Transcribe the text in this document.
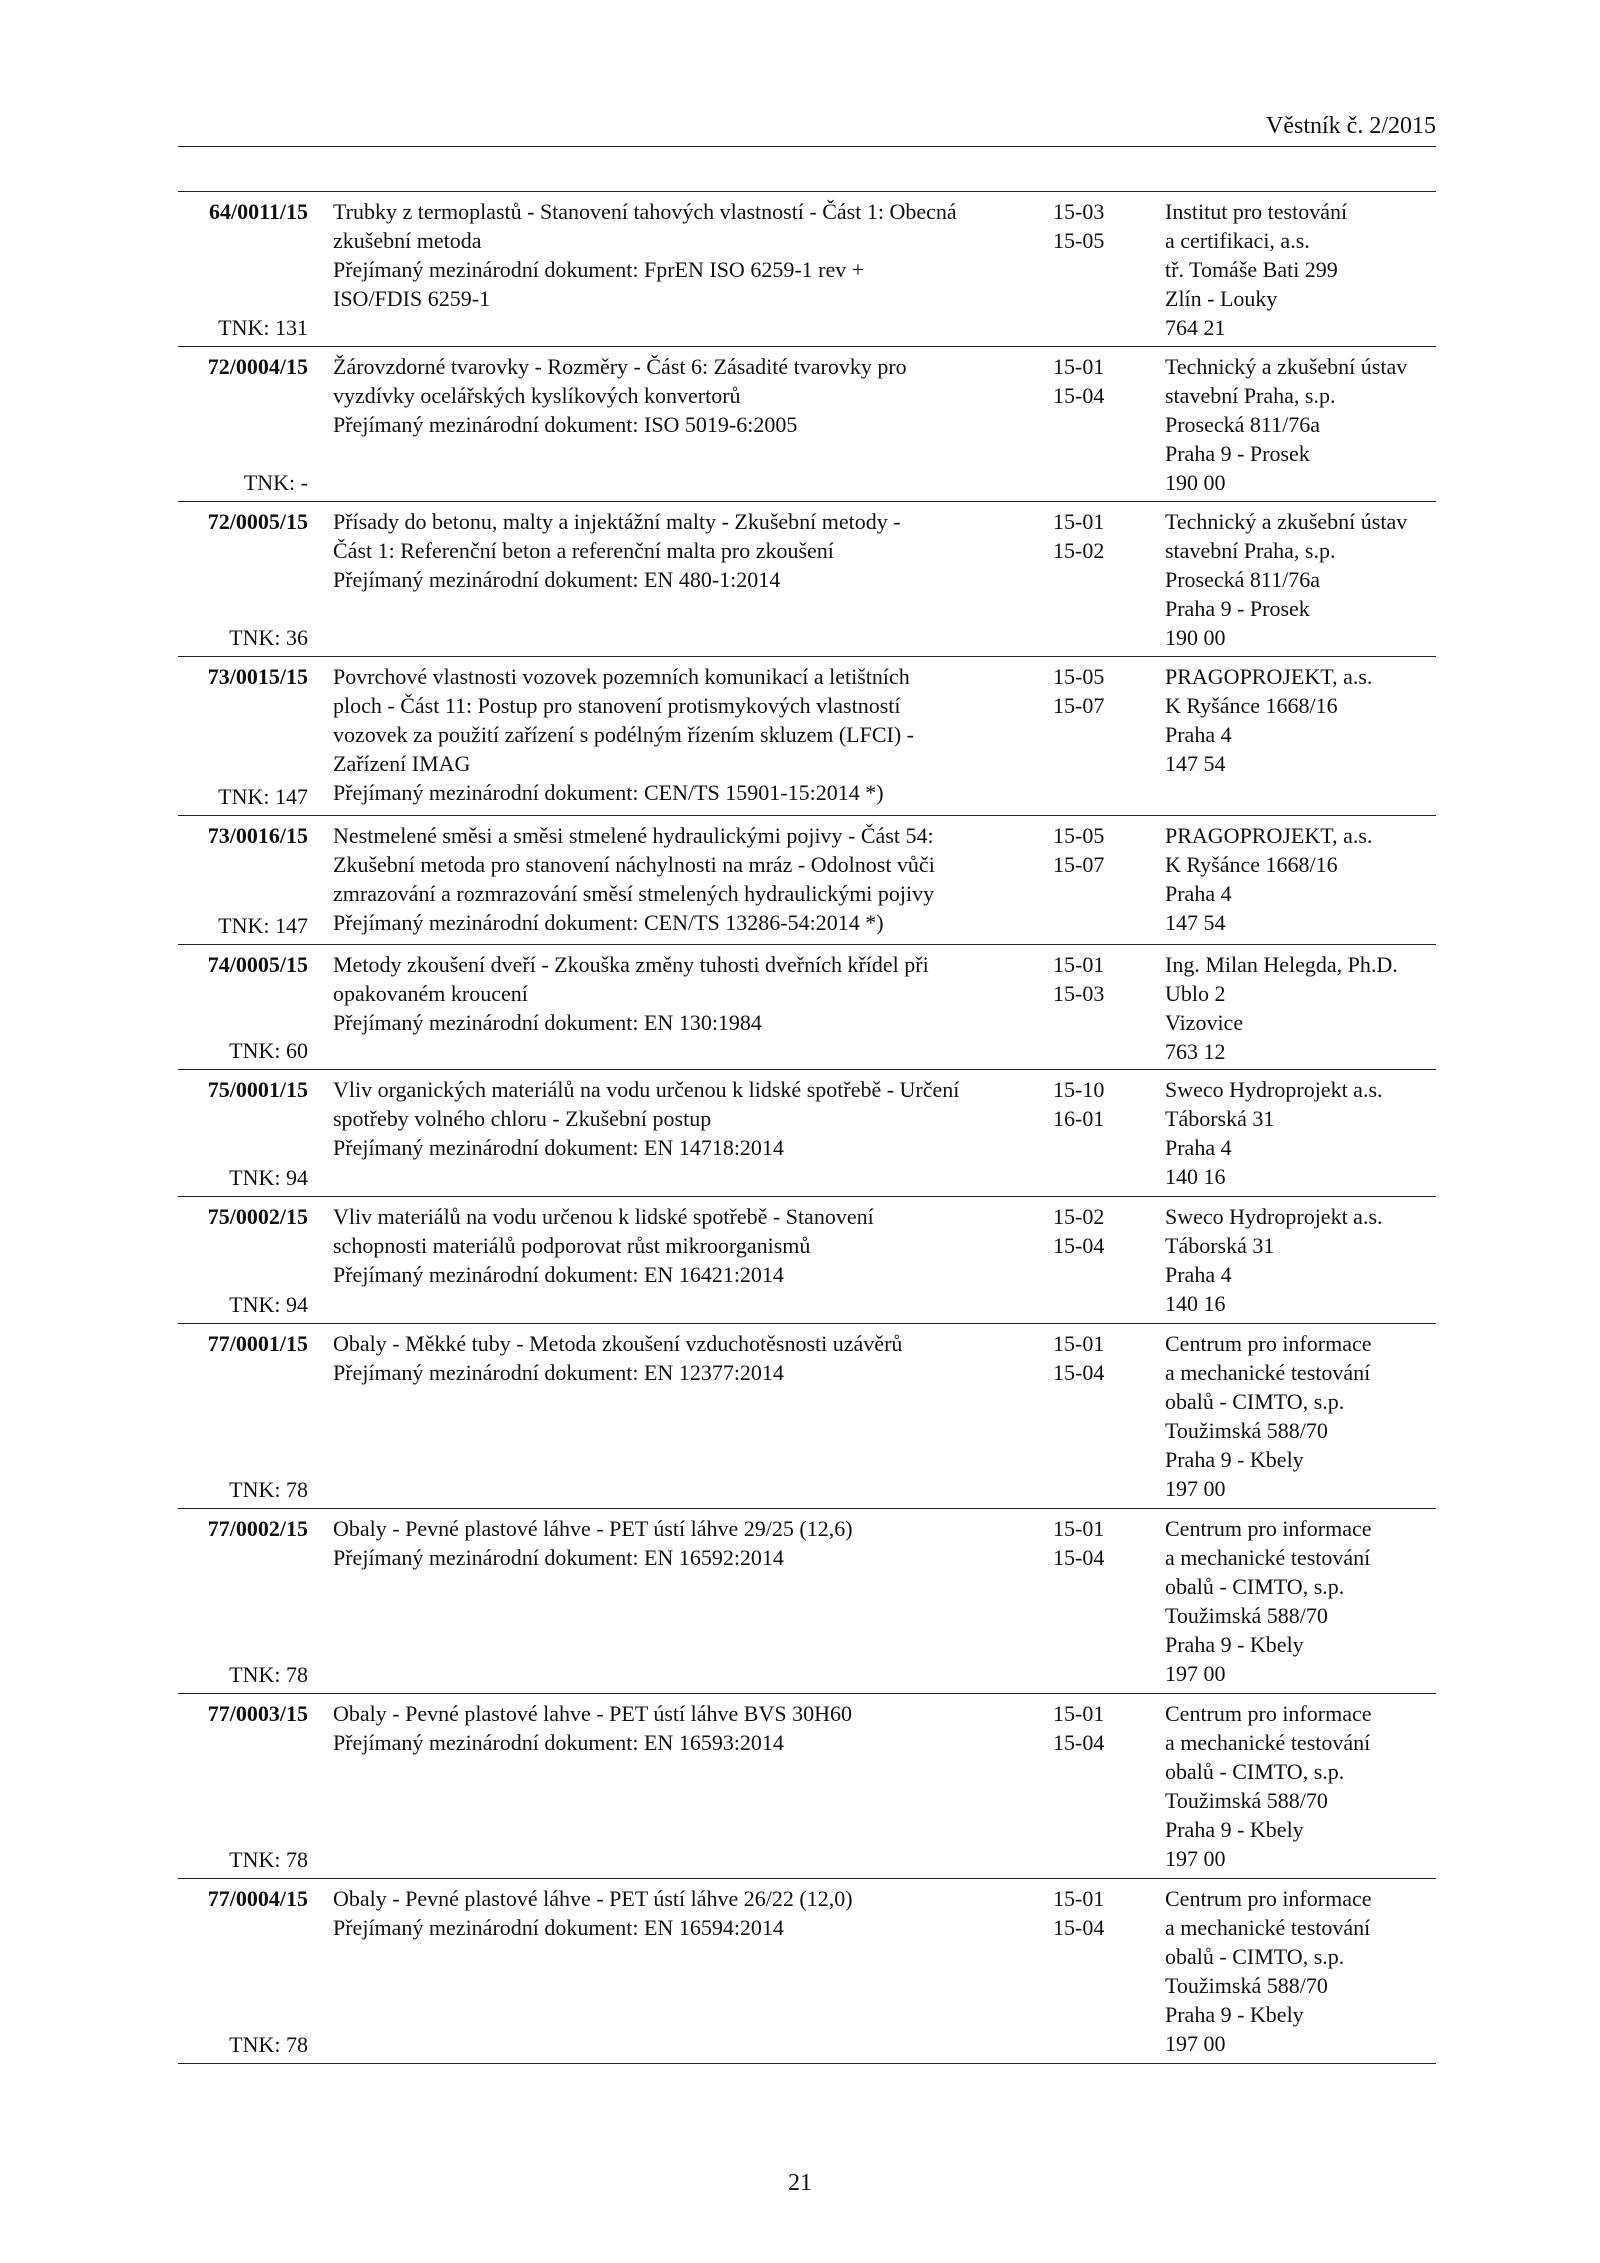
Věstník č. 2/2015
64/0011/15
TNK: 131
Trubky z termoplastů - Stanovení tahových vlastností - Část 1: Obecná
zkušební metoda
Přejímaný mezinárodní dokument: FprEN ISO 6259-1 rev +
ISO/FDIS 6259-1
15-03
15-05
Institut pro testování
a certifikaci, a.s.
tř. Tomáše Bati 299
Zlín - Louky
764 21
72/0004/15
TNK: -
Žárovzdorné tvarovky - Rozměry - Část 6: Zásadité tvarovky pro
vyzdívky ocelářských kyslíkových konvertorů
Přejímaný mezinárodní dokument: ISO 5019-6:2005
15-01
15-04
Technický a zkušební ústav
stavební Praha, s.p.
Prosecká 811/76a
Praha 9 - Prosek
190 00
72/0005/15
TNK: 36
Přísady do betonu, malty a injektážní malty - Zkušební metody -
Část 1: Referenční beton a referenční malta pro zkoušení
Přejímaný mezinárodní dokument: EN 480-1:2014
15-01
15-02
Technický a zkušební ústav
stavební Praha, s.p.
Prosecká 811/76a
Praha 9 - Prosek
190 00
73/0015/15
TNK: 147
Povrchové vlastnosti vozovek pozemních komunikací a letištních
ploch - Část 11: Postup pro stanovení protismykových vlastností
vozovek za použití zařízení s podélným řízením skluzem (LFCI) -
Zařízení IMAG
Přejímaný mezinárodní dokument: CEN/TS 15901-15:2014 *)
15-05
15-07
PRAGOPROJEKT, a.s.
K Ryšánce 1668/16
Praha 4
147 54
73/0016/15
TNK: 147
Nestmelené směsi a směsi stmelené hydraulickými pojivy - Část 54:
Zkušební metoda pro stanovení náchylnosti na mráz - Odolnost vůči
zmrazování a rozmrazování směsí stmelených hydraulickými pojivy
Přejímaný mezinárodní dokument: CEN/TS 13286-54:2014 *)
15-05
15-07
PRAGOPROJEKT, a.s.
K Ryšánce 1668/16
Praha 4
147 54
74/0005/15
TNK: 60
Metody zkoušení dveří - Zkouška změny tuhosti dveřních křídel při
opakovaném kroucení
Přejímaný mezinárodní dokument: EN 130:1984
15-01
15-03
Ing. Milan Helegda, Ph.D.
Ublo 2
Vizovice
763 12
75/0001/15
TNK: 94
Vliv organických materiálů na vodu určenou k lidské spotřebě - Určení
spotřeby volného chloru - Zkušební postup
Přejímaný mezinárodní dokument: EN 14718:2014
15-10
16-01
Sweco Hydroprojekt a.s.
Táborská 31
Praha 4
140 16
75/0002/15
TNK: 94
Vliv materiálů na vodu určenou k lidské spotřebě - Stanovení
schopnosti materiálů podporovat růst mikroorganismů
Přejímaný mezinárodní dokument: EN 16421:2014
15-02
15-04
Sweco Hydroprojekt a.s.
Táborská 31
Praha 4
140 16
77/0001/15
TNK: 78
Obaly - Měkké tuby - Metoda zkoušení vzduchotěsnosti uzávěrů
Přejímaný mezinárodní dokument: EN 12377:2014
15-01
15-04
Centrum pro informace
a mechanické testování
obalů - CIMTO, s.p.
Toužimská 588/70
Praha 9 - Kbely
197 00
77/0002/15
TNK: 78
Obaly - Pevné plastové láhve - PET ústí láhve 29/25 (12,6)
Přejímaný mezinárodní dokument: EN 16592:2014
15-01
15-04
Centrum pro informace
a mechanické testování
obalů - CIMTO, s.p.
Toužimská 588/70
Praha 9 - Kbely
197 00
77/0003/15
TNK: 78
Obaly - Pevné plastové lahve - PET ústí láhve BVS 30H60
Přejímaný mezinárodní dokument: EN 16593:2014
15-01
15-04
Centrum pro informace
a mechanické testování
obalů - CIMTO, s.p.
Toužimská 588/70
Praha 9 - Kbely
197 00
77/0004/15
TNK: 78
Obaly - Pevné plastové láhve - PET ústí láhve 26/22 (12,0)
Přejímaný mezinárodní dokument: EN 16594:2014
15-01
15-04
Centrum pro informace
a mechanické testování
obalů - CIMTO, s.p.
Toužimská 588/70
Praha 9 - Kbely
197 00
21
